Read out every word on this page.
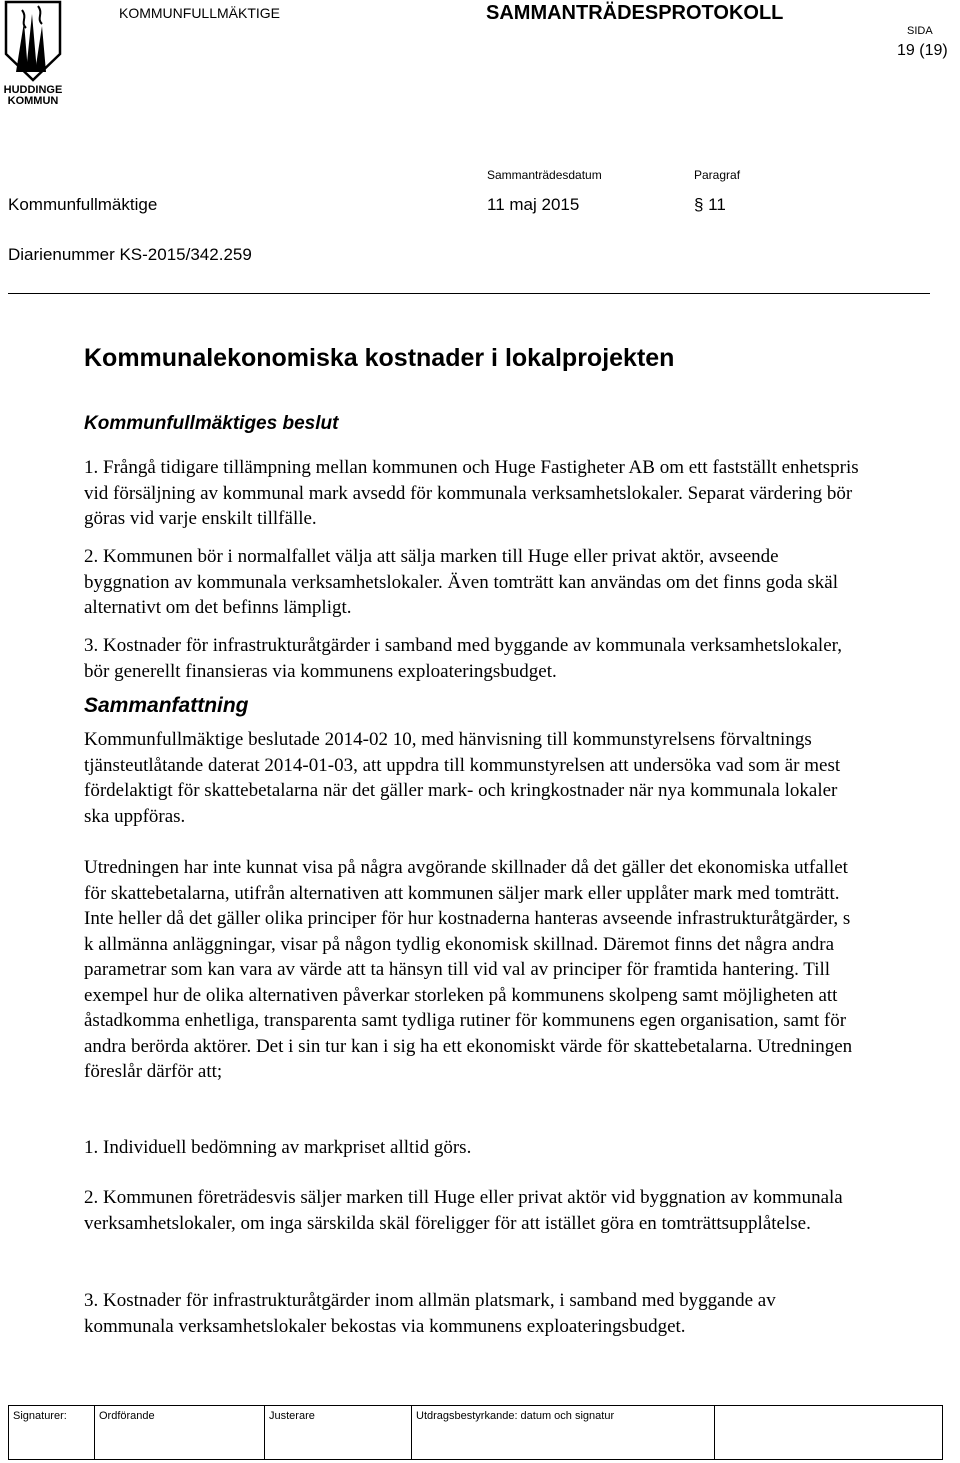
HUDDINGE
KOMMUN
KOMMUNFULLMÄKTIGE	SAMMANTRÄDESPROTOKOLL
SIDA
19 (19)
Sammanträdesdatum	Paragraf
Kommunfullmäktige	11 maj 2015	§ 11
Diarienummer KS-2015/342.259
Kommunalekonomiska kostnader i lokalprojekten
Kommunfullmäktiges beslut
1. Frångå tidigare tillämpning mellan kommunen och Huge Fastigheter AB om ett fastställt enhetspris vid försäljning av kommunal mark avsedd för kommunala verksamhetslokaler. Separat värdering bör göras vid varje enskilt tillfälle.
2. Kommunen bör i normalfallet välja att sälja marken till Huge eller privat aktör, avseende byggnation av kommunala verksamhetslokaler. Även tomträtt kan användas om det finns goda skäl alternativt om det befinns lämpligt.
3. Kostnader för infrastrukturåtgärder i samband med byggande av kommunala verksamhetslokaler, bör generellt finansieras via kommunens exploateringsbudget.
Sammanfattning
Kommunfullmäktige beslutade 2014-02 10, med hänvisning till kommunstyrelsens förvaltnings tjänsteutlåtande daterat 2014-01-03, att uppdra till kommunstyrelsen att undersöka vad som är mest fördelaktigt för skattebetalarna när det gäller mark- och kringkostnader när nya kommunala lokaler ska uppföras.
Utredningen har inte kunnat visa på några avgörande skillnader då det gäller det ekonomiska utfallet för skattebetalarna, utifrån alternativen att kommunen säljer mark eller upplåter mark med tomträtt. Inte heller då det gäller olika principer för hur kostnaderna hanteras avseende infrastrukturåtgärder, s k allmänna anläggningar, visar på någon tydlig ekonomisk skillnad. Däremot finns det några andra parametrar som kan vara av värde att ta hänsyn till vid val av principer för framtida hantering. Till exempel hur de olika alternativen påverkar storleken på kommunens skolpeng samt möjligheten att åstadkomma enhetliga, transparenta samt tydliga rutiner för kommunens egen organisation, samt för andra berörda aktörer. Det i sin tur kan i sig ha ett ekonomiskt värde för skattebetalarna. Utredningen föreslår därför att;
1. Individuell bedömning av markpriset alltid görs.
2. Kommunen företrädesvis säljer marken till Huge eller privat aktör vid byggnation av kommunala verksamhetslokaler, om inga särskilda skäl föreligger för att istället göra en tomträttsupplåtelse.
3. Kostnader för infrastrukturåtgärder inom allmän platsmark, i samband med byggande av kommunala verksamhetslokaler bekostas via kommunens exploateringsbudget.
Signaturer:	Ordförande	Justerare	Utdragsbestyrkande: datum och signatur
